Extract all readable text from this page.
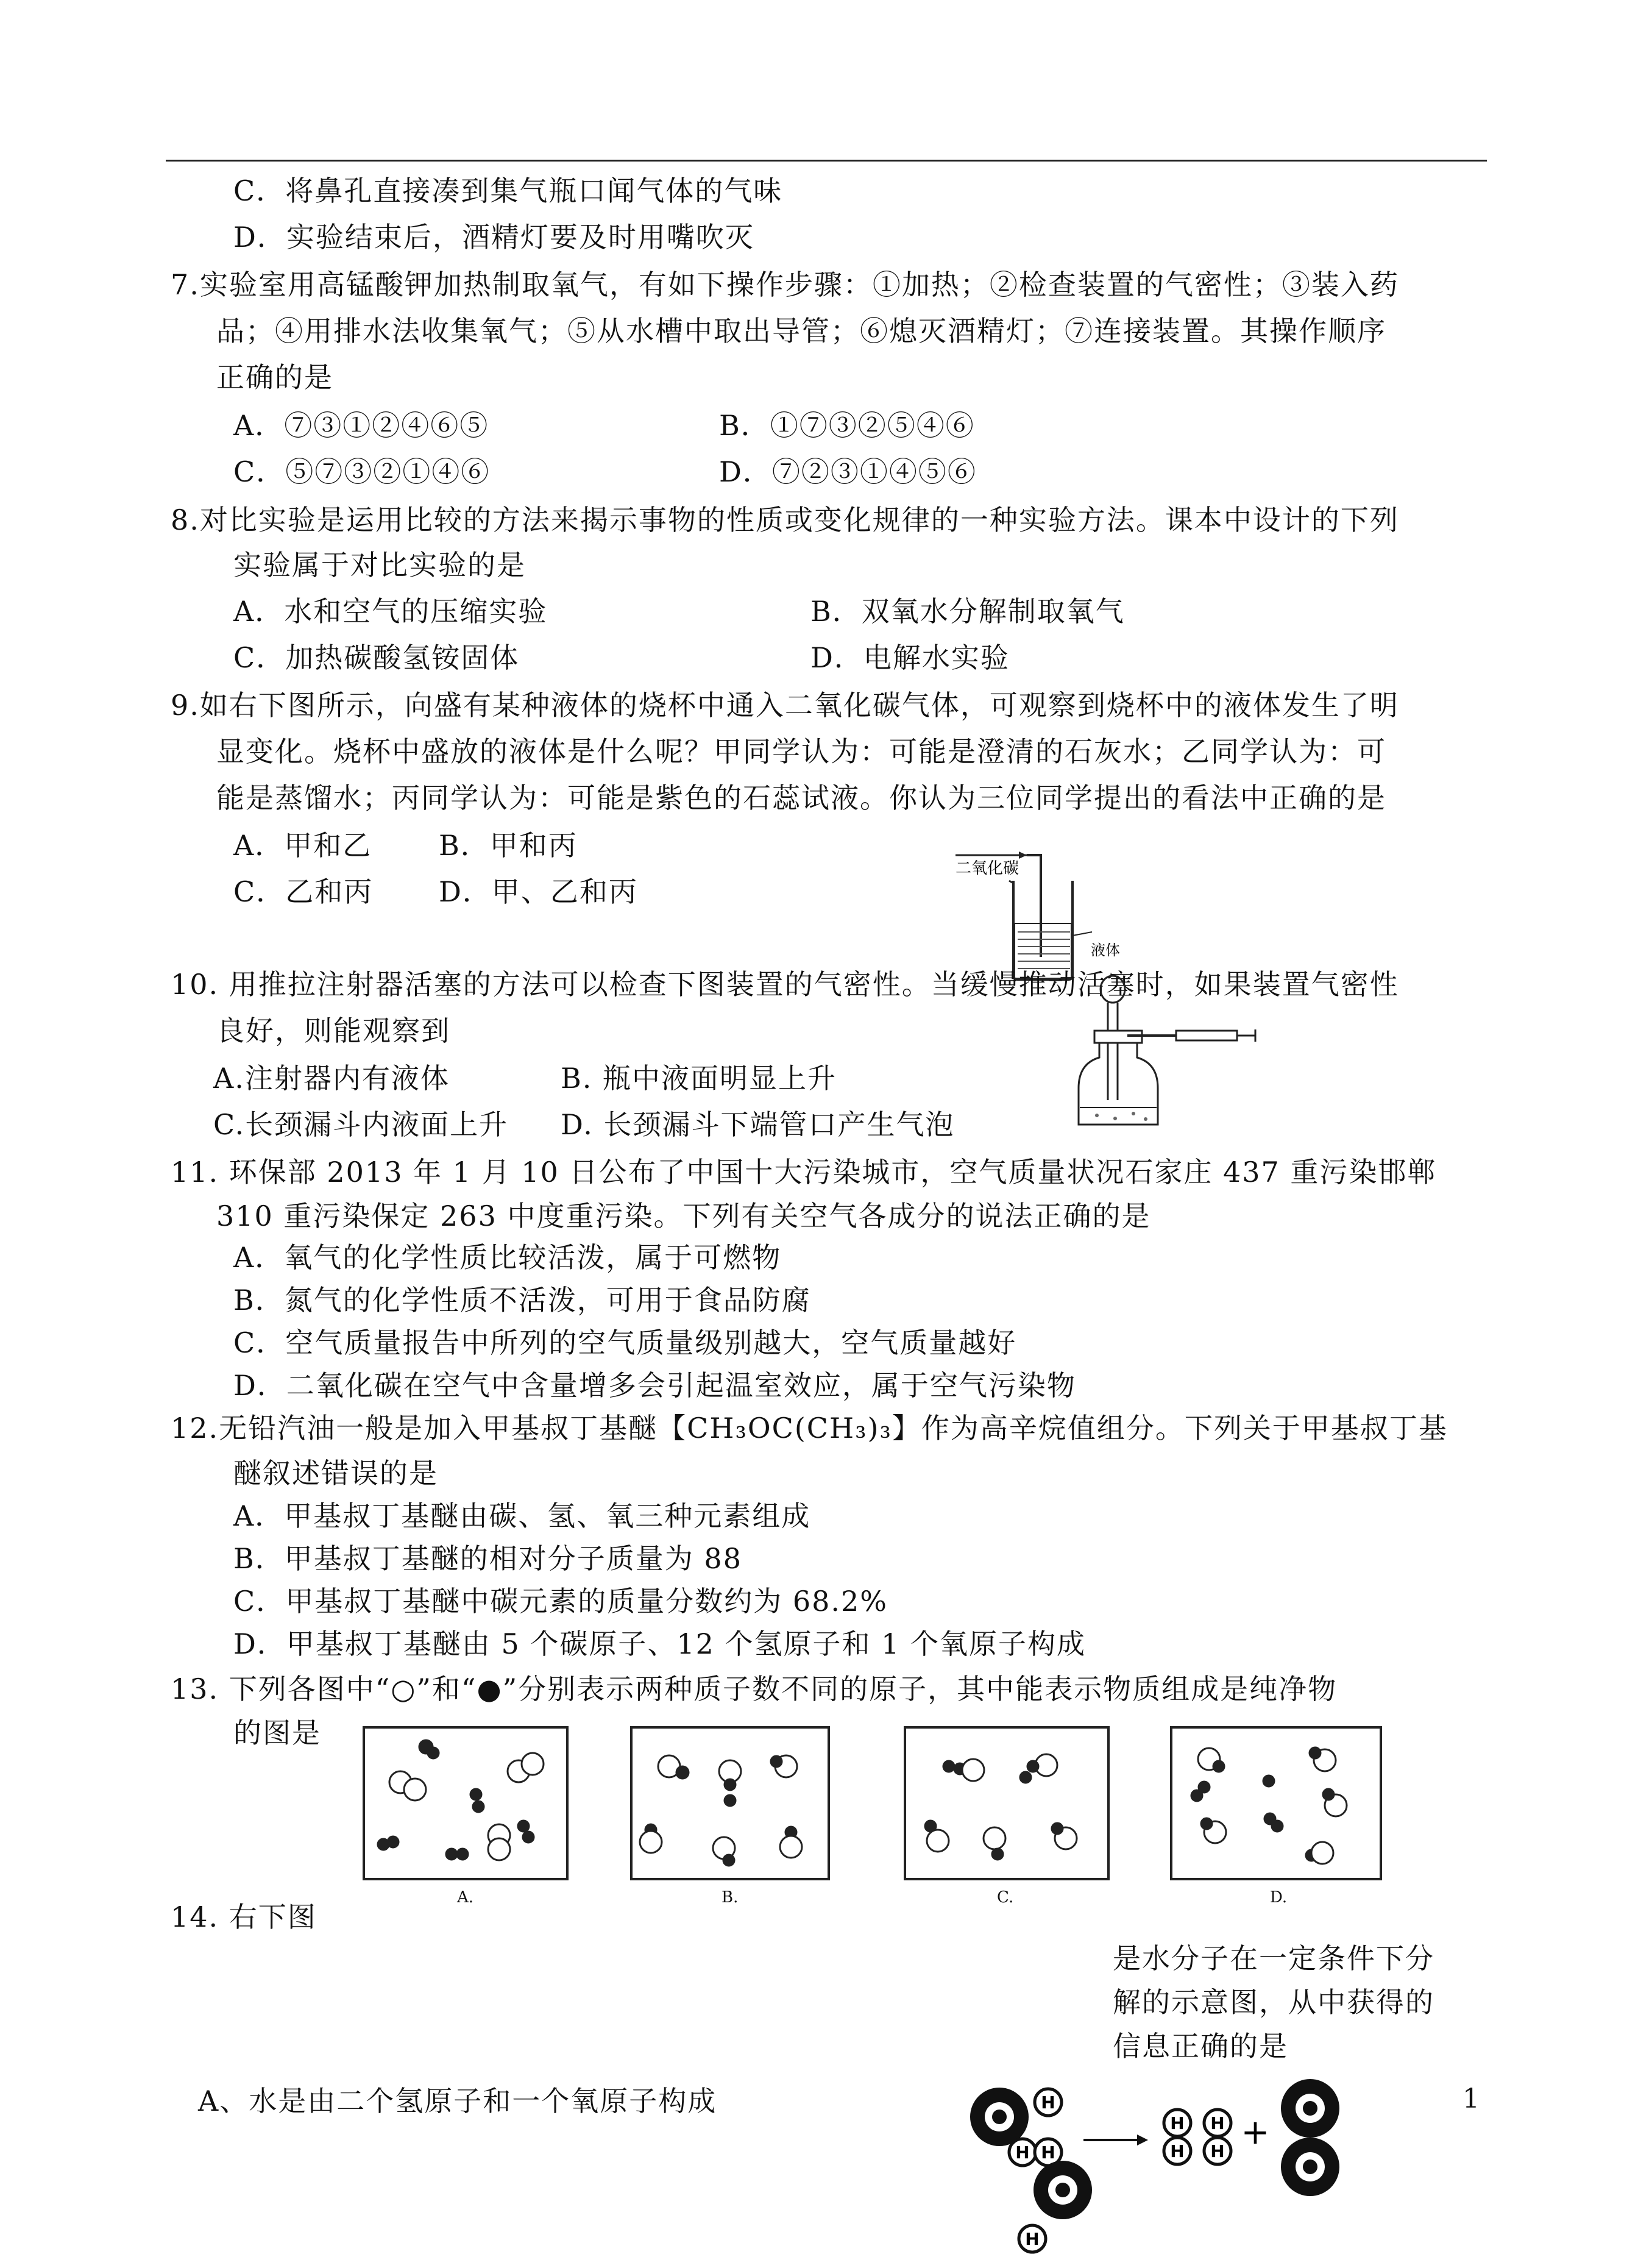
C．将鼻孔直接凑到集气瓶口闻气体的气味
D．实验结束后，酒精灯要及时用嘴吹灭
7.实验室用高锰酸钾加热制取氧气，有如下操作步骤：①加热；②检查装置的气密性；③装入药
品；④用排水法收集氧气；⑤从水槽中取出导管；⑥熄灭酒精灯；⑦连接装置。其操作顺序
正确的是
A．⑦③①②④⑥⑤	B．①⑦③②⑤④⑥
C．⑤⑦③②①④⑥	D．⑦②③①④⑤⑥
8.对比实验是运用比较的方法来揭示事物的性质或变化规律的一种实验方法。课本中设计的下列
实验属于对比实验的是
A．水和空气的压缩实验	B．双氧水分解制取氧气
C．加热碳酸氢铵固体	D．电解水实验
9.如右下图所示，向盛有某种液体的烧杯中通入二氧化碳气体，可观察到烧杯中的液体发生了明
显变化。烧杯中盛放的液体是什么呢？甲同学认为：可能是澄清的石灰水；乙同学认为：可
能是蒸馏水；丙同学认为：可能是紫色的石蕊试液。你认为三位同学提出的看法中正确的是
A．甲和乙 B．甲和丙
C．乙和丙 D．甲、乙和丙
二氧化碳
液体
10. 用推拉注射器活塞的方法可以检查下图装置的气密性。当缓慢推动活塞时，如果装置气密性
良好，则能观察到
A.注射器内有液体	B. 瓶中液面明显上升
C.长颈漏斗内液面上升 D. 长颈漏斗下端管口产生气泡
11. 环保部 2013 年 1 月 10 日公布了中国十大污染城市，空气质量状况石家庄 437 重污染邯郸
310 重污染保定 263 中度重污染。下列有关空气各成分的说法正确的是
A．氧气的化学性质比较活泼，属于可燃物
B．氮气的化学性质不活泼，可用于食品防腐
C．空气质量报告中所列的空气质量级别越大，空气质量越好
D．二氧化碳在空气中含量增多会引起温室效应，属于空气污染物
12.无铅汽油一般是加入甲基叔丁基醚【CH₃OC(CH₃)₃】作为高辛烷值组分。下列关于甲基叔丁基
醚叙述错误的是
A．甲基叔丁基醚由碳、氢、氧三种元素组成
B．甲基叔丁基醚的相对分子质量为 88
C．甲基叔丁基醚中碳元素的质量分数约为 68.2%
D．甲基叔丁基醚由 5 个碳原子、12 个氢原子和 1 个氧原子构成
13. 下列各图中“○”和“●”分别表示两种质子数不同的原子，其中能表示物质组成是纯净物
的图是
A.	B.	C.	D.
14. 右下图
是水分子在一定条件下分
解的示意图，从中获得的
信息正确的是
A、水是由二个氢原子和一个氧原子构成	H
H H
H
H H
H H +
1
